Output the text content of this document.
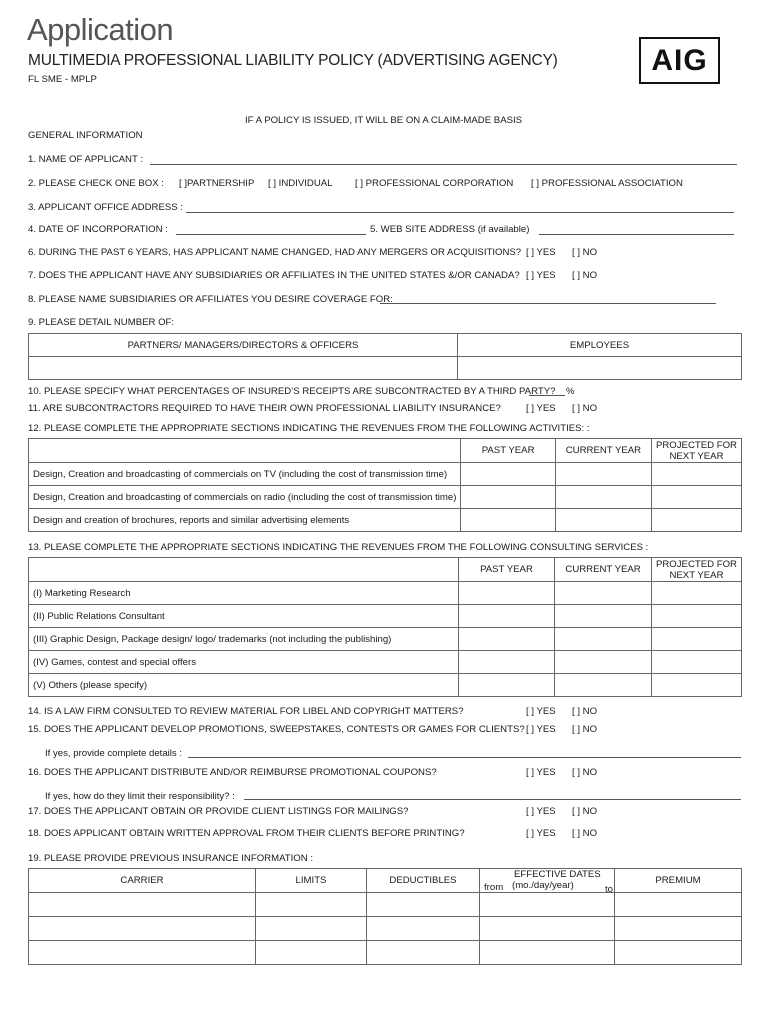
Application
MULTIMEDIA PROFESSIONAL LIABILITY POLICY (ADVERTISING AGENCY)
FL SME - MPLP
AIG
IF A POLICY IS ISSUED, IT WILL BE ON A CLAIM-MADE BASIS
GENERAL INFORMATION
1. NAME OF APPLICANT :
2. PLEASE CHECK ONE BOX : [ ]PARTNERSHIP [ ] INDIVIDUAL [ ] PROFESSIONAL CORPORATION [ ] PROFESSIONAL ASSOCIATION
3. APPLICANT OFFICE ADDRESS :
4. DATE OF INCORPORATION :	5. WEB SITE ADDRESS (if available)
6. DURING THE PAST 6 YEARS, HAS APPLICANT NAME CHANGED, HAD ANY MERGERS OR ACQUISITIONS? [ ] YES [ ] NO
7. DOES THE APPLICANT HAVE ANY SUBSIDIARIES OR AFFILIATES IN THE UNITED STATES &/OR CANADA? [ ] YES [ ] NO
8. PLEASE NAME SUBSIDIARIES OR AFFILIATES YOU DESIRE COVERAGE FOR:
9. PLEASE DETAIL NUMBER OF:
PARTNERS/ MANAGERS/DIRECTORS & OFFICERS	EMPLOYEES

10. PLEASE SPECIFY WHAT PERCENTAGES OF INSURED’S RECEIPTS ARE SUBCONTRACTED BY A THIRD PARTY? %
11. ARE SUBCONTRACTORS REQUIRED TO HAVE THEIR OWN PROFESSIONAL LIABILITY INSURANCE?	[ ] YES [ ] NO
12. PLEASE COMPLETE THE APPROPRIATE SECTIONS INDICATING THE REVENUES FROM THE FOLLOWING ACTIVITIES: :
	PAST YEAR	CURRENT YEAR	PROJECTED FOR
NEXT YEAR
Design, Creation and broadcasting of commercials on TV (including the cost of transmission time)			
Design, Creation and broadcasting of commercials on radio (including the cost of transmission time)			
Design and creation of brochures, reports and similar advertising elements			
13. PLEASE COMPLETE THE APPROPRIATE SECTIONS INDICATING THE REVENUES FROM THE FOLLOWING CONSULTING SERVICES :
	PAST YEAR	CURRENT YEAR	PROJECTED FOR
NEXT YEAR
(I) Marketing Research			
(II) Public Relations Consultant			
(III) Graphic Design, Package design/ logo/ trademarks (not including the publishing)			
(IV) Games, contest and special offers			
(V) Others (please specify)			
14. IS A LAW FIRM CONSULTED TO REVIEW MATERIAL FOR LIBEL AND COPYRIGHT MATTERS?	[ ] YES [ ] NO
15. DOES THE APPLICANT DEVELOP PROMOTIONS, SWEEPSTAKES, CONTESTS OR GAMES FOR CLIENTS? [ ] YES [ ] NO
If yes, provide complete details :
16. DOES THE APPLICANT DISTRIBUTE AND/OR REIMBURSE PROMOTIONAL COUPONS?	[ ] YES [ ] NO
If yes, how do they limit their responsibility? :
17. DOES THE APPLICANT OBTAIN OR PROVIDE CLIENT LISTINGS FOR MAILINGS?	[ ] YES [ ] NO
18. DOES APPLICANT OBTAIN WRITTEN APPROVAL FROM THEIR CLIENTS BEFORE PRINTING?	[ ] YES [ ] NO
19. PLEASE PROVIDE PREVIOUS INSURANCE INFORMATION :
CARRIER	LIMITS	DEDUCTIBLES	EFFECTIVE DATES
(mo./day/year)
from to	PREMIUM
